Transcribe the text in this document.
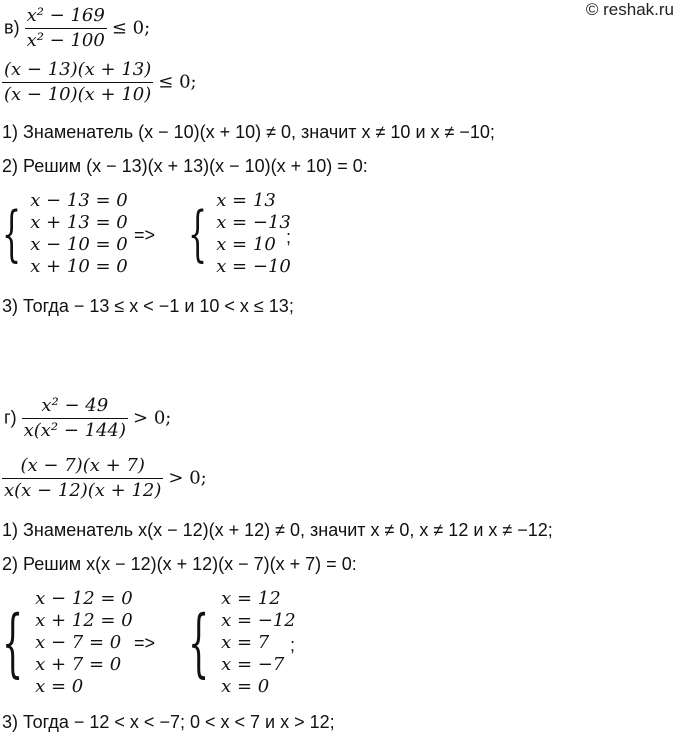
© reshak.ru
$в) \frac{\text{x² − 169}}{\text{x² − 100}} \le 0$;
$\frac{(x - 13)(x + 13)}{(x - 10)(x + 10)} \le 0$;
1) Знаменатель (x − 10)(x + 10) ≠ 0, значит x ≠ 10 и x ≠ −10;
2) Решим (x − 13)(x + 13)(x − 10)(x + 10) = 0:
{ x − 13 = 0
x + 13 = 0
x − 10 = 0
x + 10 = 0
=> { x = 13
x = −13
x = 10
x = −10
;
3) Тогда − 13 ≤ x < −1 и 10 < x ≤ 13;
$г) \frac{\text{x² − 49}}{\text{x(x² − 144)}} > 0$;
$\frac{(x - 7)(x + 7)}{x(x - 12)(x + 12)} > 0$;
1) Знаменатель x(x − 12)(x + 12) ≠ 0, значит x ≠ 0, x ≠ 12 и x ≠ −12;
2) Решим x(x − 12)(x + 12)(x − 7)(x + 7) = 0:
{
x − 12 = 0
x + 12 = 0
x − 7 = 0
x + 7 = 0
x = 0
=> {
x = 12
x = −12
x = 7
x = −7
x = 0
;
3) Тогда − 12 < x < −7; 0 < x < 7 и x > 12;
